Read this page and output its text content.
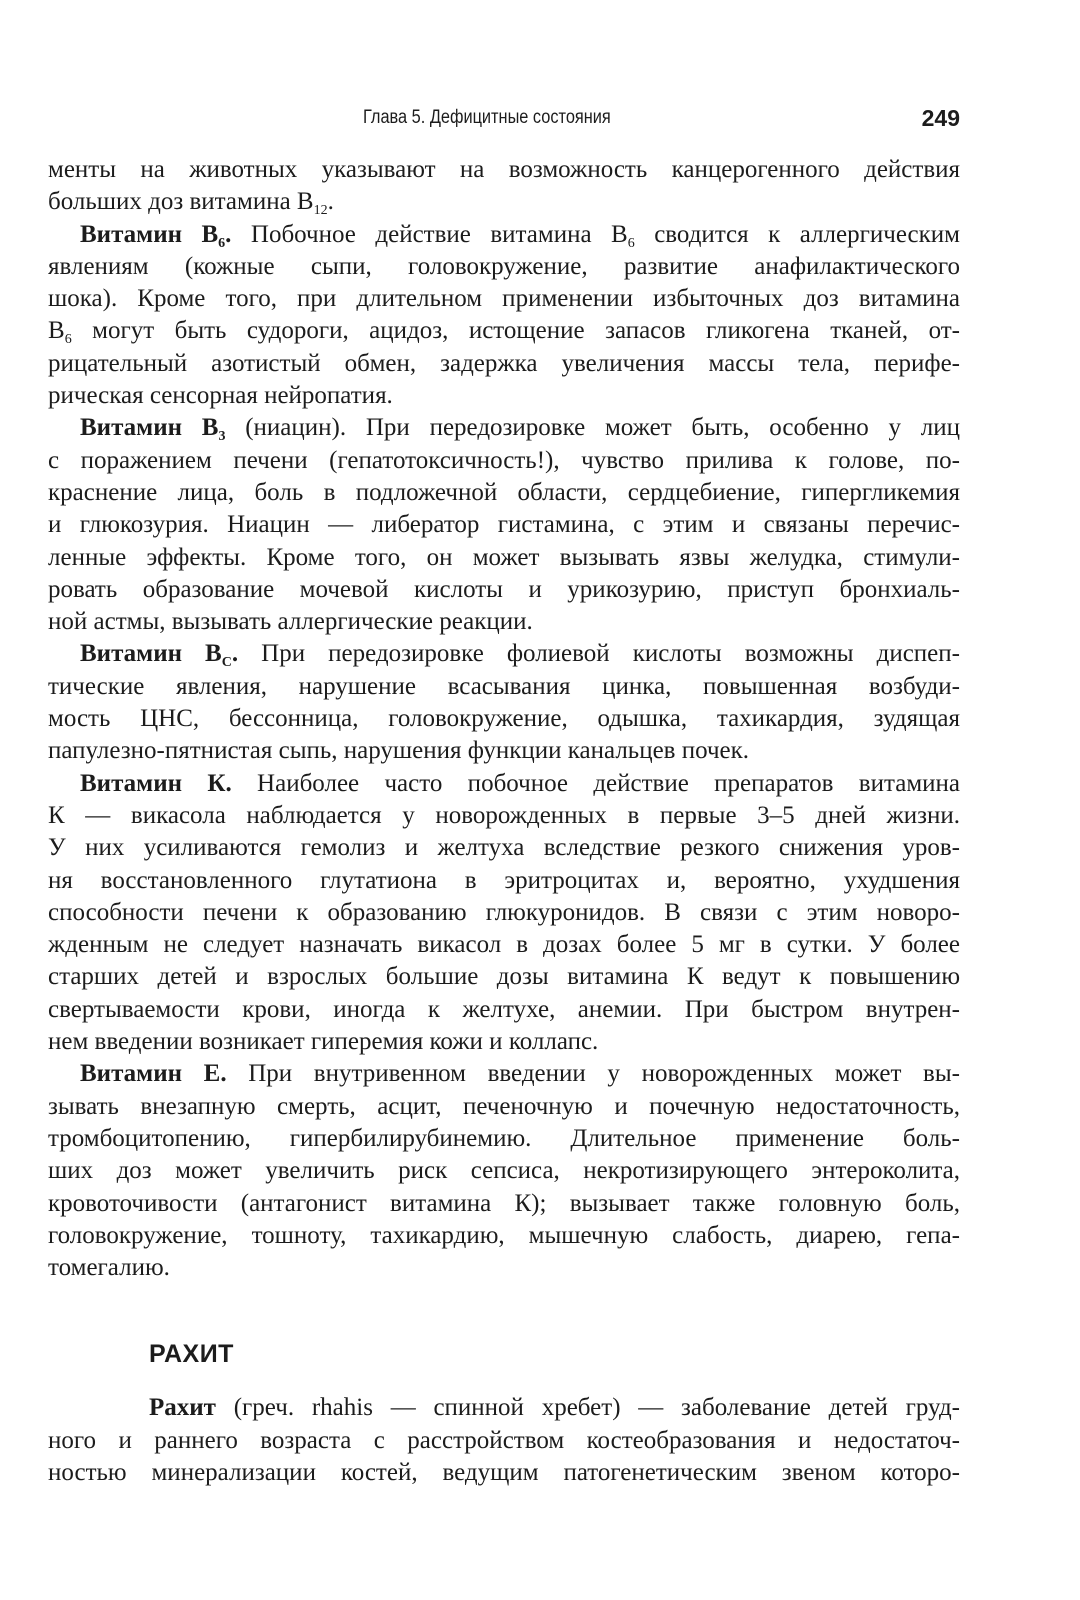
Глава 5. Дефицитные состояния	249
менты на животных указывают на возможность канцерогенного действия
больших доз витамина $B_{12}$.
Витамин $B_6$. Побочное действие витамина $B_6$ сводится к аллергическим
явлениям (кожные сыпи, головокружение, развитие анафилактического
шока). Кроме того, при длительном применении избыточных доз витамина
$B_6$ могут быть судороги, ацидоз, истощение запасов гликогена тканей, от-
рицательный азотистый обмен, задержка увеличения массы тела, перифе-
рическая сенсорная нейропатия.
Витамин $B_3$ (ниацин). При передозировке может быть, особенно у лиц
с поражением печени (гепатотоксичность!), чувство прилива к голове, по-
краснение лица, боль в подложечной области, сердцебиение, гипергликемия
и глюкозурия. Ниацин — либератор гистамина, с этим и связаны перечис-
ленные эффекты. Кроме того, он может вызывать язвы желудка, стимули-
ровать образование мочевой кислоты и урикозурию, приступ бронхиаль-
ной астмы, вызывать аллергические реакции.
Витамин $B_C$. При передозировке фолиевой кислоты возможны диспеп-
тические явления, нарушение всасывания цинка, повышенная возбуди-
мость ЦНС, бессонница, головокружение, одышка, тахикардия, зудящая
папулезно-пятнистая сыпь, нарушения функции канальцев почек.
Витамин К. Наиболее часто побочное действие препаратов витамина
К — викасола наблюдается у новорожденных в первые 3–5 дней жизни.
У них усиливаются гемолиз и желтуха вследствие резкого снижения уров-
ня восстановленного глутатиона в эритроцитах и, вероятно, ухудшения
способности печени к образованию глюкуронидов. В связи с этим новоро-
жденным не следует назначать викасол в дозах более 5 мг в сутки. У более
старших детей и взрослых большие дозы витамина К ведут к повышению
свертываемости крови, иногда к желтухе, анемии. При быстром внутрен-
нем введении возникает гиперемия кожи и коллапс.
Витамин Е. При внутривенном введении у новорожденных может вы-
зывать внезапную смерть, асцит, печеночную и почечную недостаточность,
тромбоцитопению, гипербилирубинемию. Длительное применение боль-
ших доз может увеличить риск сепсиса, некротизирующего энтероколита,
кровоточивости (антагонист витамина К); вызывает также головную боль,
головокружение, тошноту, тахикардию, мышечную слабость, диарею, гепа-
томегалию.
РАХИТ
Рахит (греч. rhahis — спинной хребет) — заболевание детей груд-
ного и раннего возраста с расстройством костеобразования и недостаточ-
ностью минерализации костей, ведущим патогенетическим звеном которо-
